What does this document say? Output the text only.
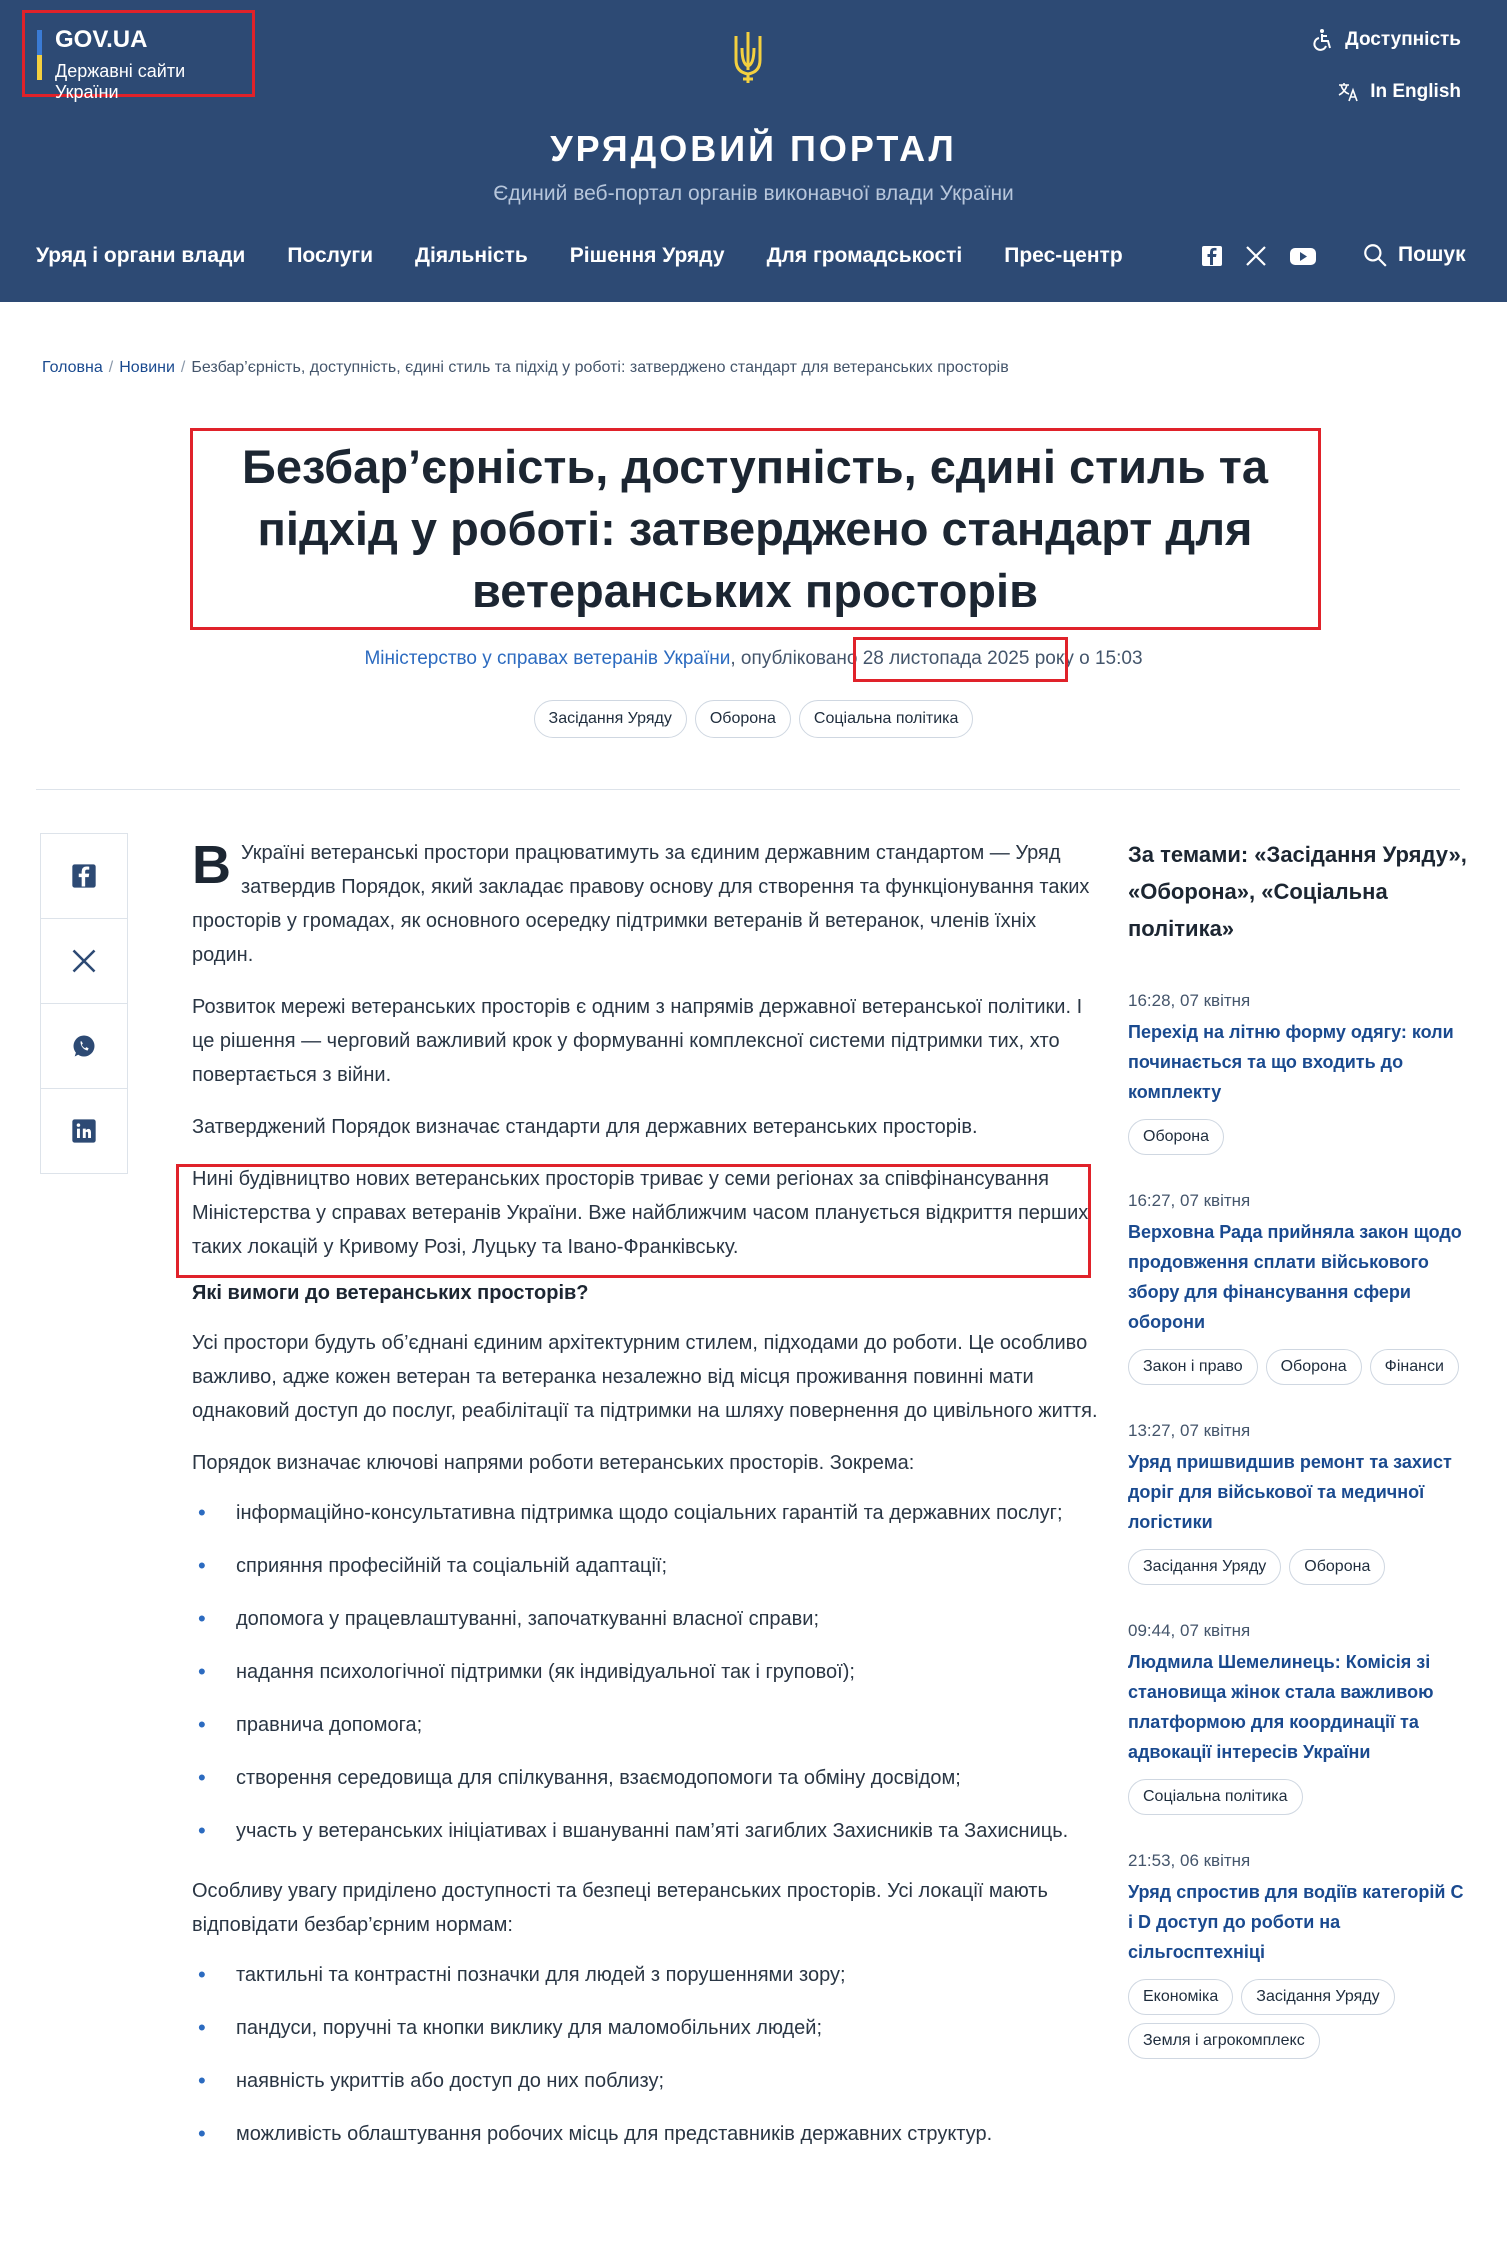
GOV.UA
Державні сайти України
Доступність
In English
УРЯДОВИЙ ПОРТАЛ
Єдиний веб-портал органів виконавчої влади України
Уряд і органи влади Послуги Діяльність Рішення Уряду Для громадськості Прес-центр	Пошук
Головна / Новини / Безбар’єрність, доступність, єдині стиль та підхід у роботі: затверджено стандарт для ветеранських просторів
Безбар’єрність, доступність, єдині стиль та підхід у роботі: затверджено стандарт для ветеранських просторів
Міністерство у справах ветеранів України, опубліковано 28 листопада 2025 року о 15:03
Засідання Уряду	Оборона	Соціальна політика

В Україні ветеранські простори працюватимуть за єдиним державним стандартом — Уряд затвердив Порядок, який закладає правову основу для створення та функціонування таких просторів у громадах, як основного осередку підтримки ветеранів й ветеранок, членів їхніх родин.

Розвиток мережі ветеранських просторів є одним з напрямів державної ветеранської політики. І це рішення — черговий важливий крок у формуванні комплексної системи підтримки тих, хто повертається з війни.

Затверджений Порядок визначає стандарти для державних ветеранських просторів.

Нині будівництво нових ветеранських просторів триває у семи регіонах за співфінансування Міністерства у справах ветеранів України. Вже найближчим часом планується відкриття перших таких локацій у Кривому Розі, Луцьку та Івано-Франківську.

Які вимоги до ветеранських просторів?

Усі простори будуть об’єднані єдиним архітектурним стилем, підходами до роботи. Це особливо важливо, адже кожен ветеран та ветеранка незалежно від місця проживання повинні мати однаковий доступ до послуг, реабілітації та підтримки на шляху повернення до цивільного життя.

Порядок визначає ключові напрями роботи ветеранських просторів. Зокрема:

• інформаційно-консультативна підтримка щодо соціальних гарантій та державних послуг;
• сприяння професійній та соціальній адаптації;
• допомога у працевлаштуванні, започаткуванні власної справи;
• надання психологічної підтримки (як індивідуальної так і групової);
• правнича допомога;
• створення середовища для спілкування, взаємодопомоги та обміну досвідом;
• участь у ветеранських ініціативах і вшануванні пам’яті загиблих Захисників та Захисниць.

Особливу увагу приділено доступності та безпеці ветеранських просторів. Усі локації мають відповідати безбар’єрним нормам:

• тактильні та контрастні позначки для людей з порушеннями зору;
• пандуси, поручні та кнопки виклику для маломобільних людей;
• наявність укриттів або доступ до них поблизу;
• можливість облаштування робочих місць для представників державних структур.
За темами: «Засідання Уряду», «Оборона», «Соціальна політика»
16:28, 07 квітня
Перехід на літню форму одягу: коли починається та що входить до комплекту
Оборона
16:27, 07 квітня
Верховна Рада прийняла закон щодо продовження сплати військового збору для фінансування сфери оборони
Закон і право	Оборона	Фінанси
13:27, 07 квітня
Уряд пришвидшив ремонт та захист доріг для військової та медичної логістики
Засідання Уряду	Оборона
09:44, 07 квітня
Людмила Шемелинець: Комісія зі становища жінок стала важливою платформою для координації та адвокації інтересів України
Соціальна політика
21:53, 06 квітня
Уряд спростив для водіїв категорій C і D доступ до роботи на сільгосптехніці
Економіка	Засідання Уряду
Земля і агрокомплекс
